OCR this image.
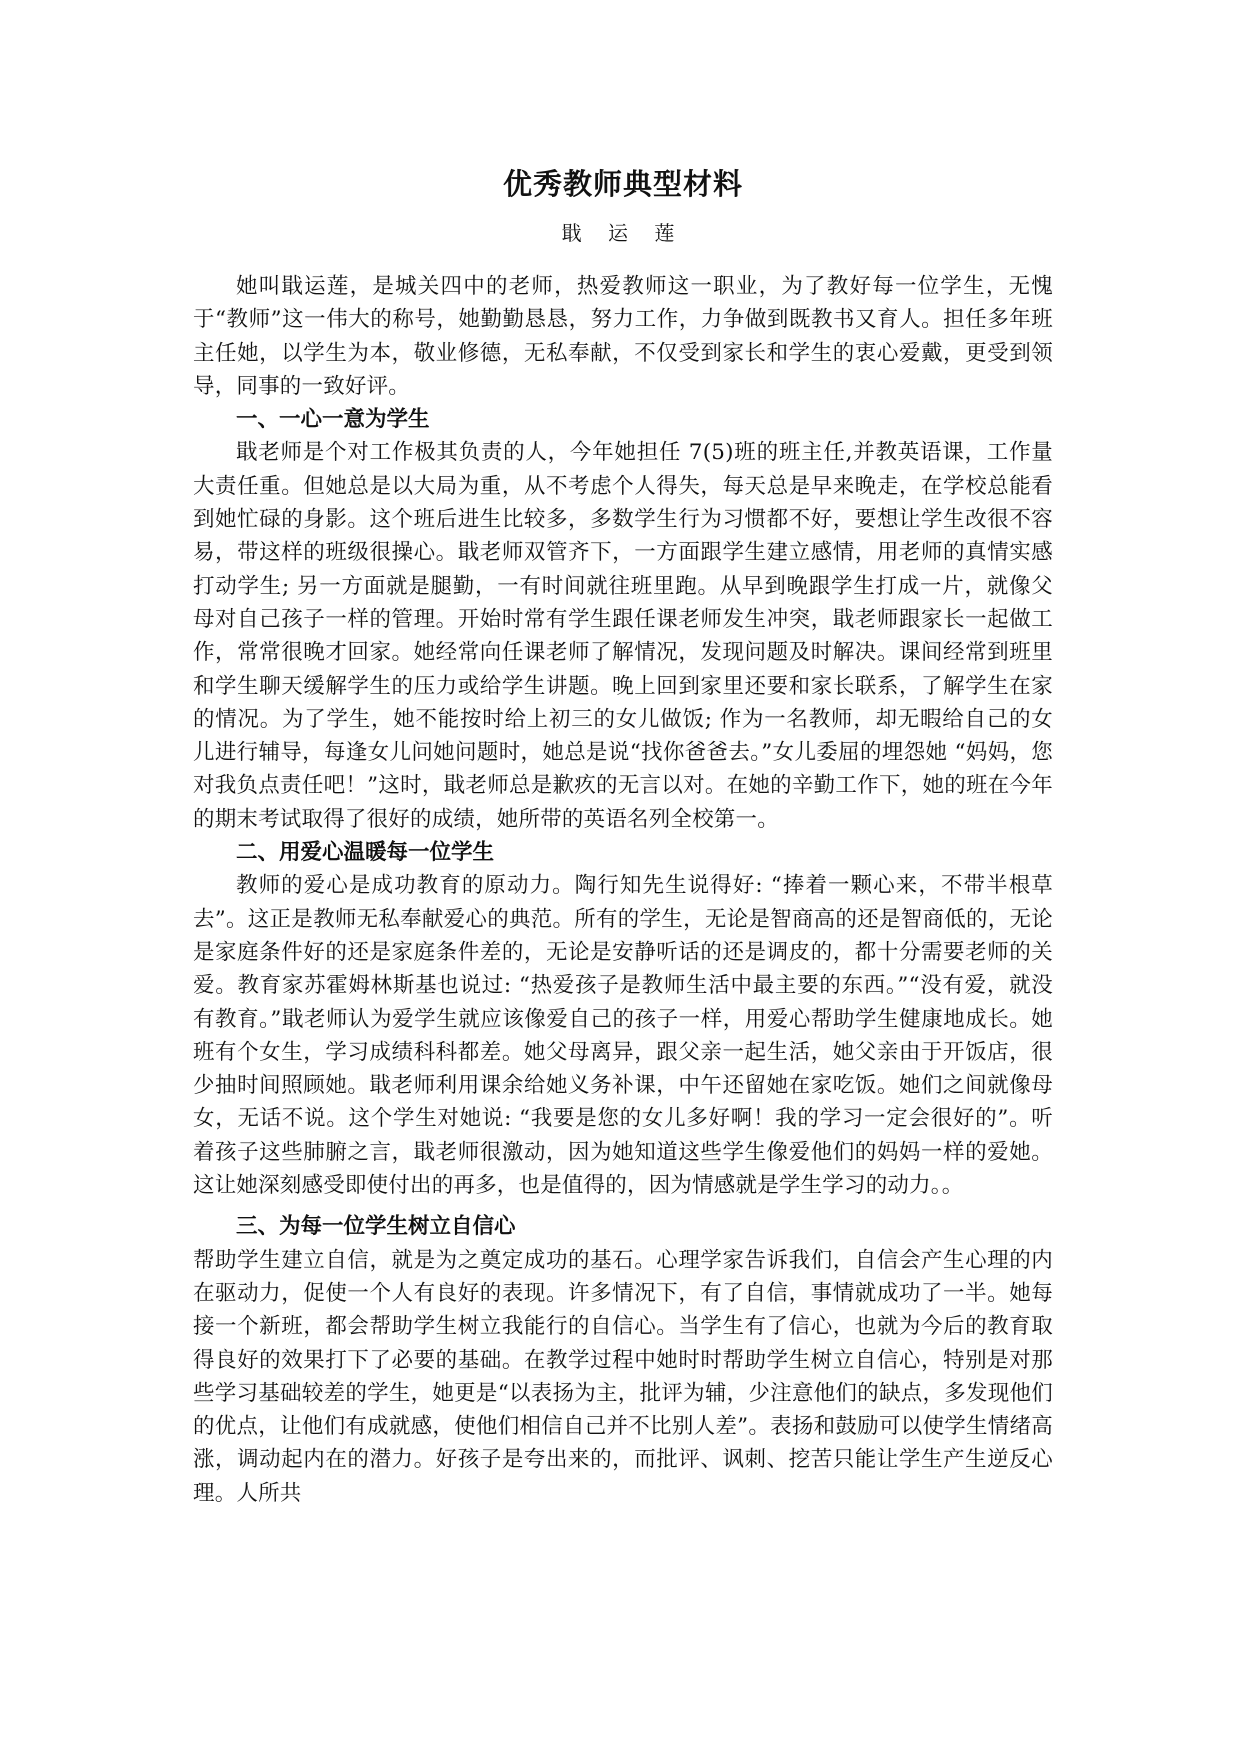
优秀教师典型材料
戢 运 莲

她叫戢运莲，是城关四中的老师，热爱教师这一职业，为了教好每一位学生，无愧于“教师”这一伟大的称号，她勤勤恳恳，努力工作，力争做到既教书又育人。担任多年班主任她，以学生为本，敬业修德，无私奉献，不仅受到家长和学生的衷心爱戴，更受到领导，同事的一致好评。

一、一心一意为学生

戢老师是个对工作极其负责的人，今年她担任 7(5)班的班主任,并教英语课，工作量大责任重。但她总是以大局为重，从不考虑个人得失，每天总是早来晚走，在学校总能看到她忙碌的身影。这个班后进生比较多，多数学生行为习惯都不好，要想让学生改很不容易，带这样的班级很操心。戢老师双管齐下，一方面跟学生建立感情，用老师的真情实感打动学生; 另一方面就是腿勤，一有时间就往班里跑。从早到晚跟学生打成一片，就像父母对自己孩子一样的管理。开始时常有学生跟任课老师发生冲突，戢老师跟家长一起做工作，常常很晚才回家。她经常向任课老师了解情况，发现问题及时解决。课间经常到班里和学生聊天缓解学生的压力或给学生讲题。晚上回到家里还要和家长联系，了解学生在家的情况。为了学生，她不能按时给上初三的女儿做饭; 作为一名教师，却无暇给自己的女儿进行辅导，每逢女儿问她问题时，她总是说“找你爸爸去。”女儿委屈的埋怨她 “妈妈，您对我负点责任吧！”这时，戢老师总是歉疚的无言以对。在她的辛勤工作下，她的班在今年的期末考试取得了很好的成绩，她所带的英语名列全校第一。

二、用爱心温暖每一位学生

教师的爱心是成功教育的原动力。陶行知先生说得好: “捧着一颗心来，不带半根草去”。这正是教师无私奉献爱心的典范。所有的学生，无论是智商高的还是智商低的，无论是家庭条件好的还是家庭条件差的，无论是安静听话的还是调皮的，都十分需要老师的关爱。教育家苏霍姆林斯基也说过: “热爱孩子是教师生活中最主要的东西。”“没有爱，就没有教育。”戢老师认为爱学生就应该像爱自己的孩子一样，用爱心帮助学生健康地成长。她班有个女生，学习成绩科科都差。她父母离异，跟父亲一起生活，她父亲由于开饭店，很少抽时间照顾她。戢老师利用课余给她义务补课，中午还留她在家吃饭。她们之间就像母女，无话不说。这个学生对她说: “我要是您的女儿多好啊！我的学习一定会很好的”。听着孩子这些肺腑之言，戢老师很激动，因为她知道这些学生像爱他们的妈妈一样的爱她。这让她深刻感受即使付出的再多，也是值得的，因为情感就是学生学习的动力。。

三、为每一位学生树立自信心

帮助学生建立自信，就是为之奠定成功的基石。心理学家告诉我们，自信会产生心理的内在驱动力，促使一个人有良好的表现。许多情况下，有了自信，事情就成功了一半。她每接一个新班，都会帮助学生树立我能行的自信心。当学生有了信心，也就为今后的教育取得良好的效果打下了必要的基础。在教学过程中她时时帮助学生树立自信心，特别是对那些学习基础较差的学生，她更是“以表扬为主，批评为辅，少注意他们的缺点，多发现他们的优点，让他们有成就感，使他们相信自己并不比别人差”。表扬和鼓励可以使学生情绪高涨，调动起内在的潜力。好孩子是夸出来的，而批评、讽刺、挖苦只能让学生产生逆反心理。人所共
